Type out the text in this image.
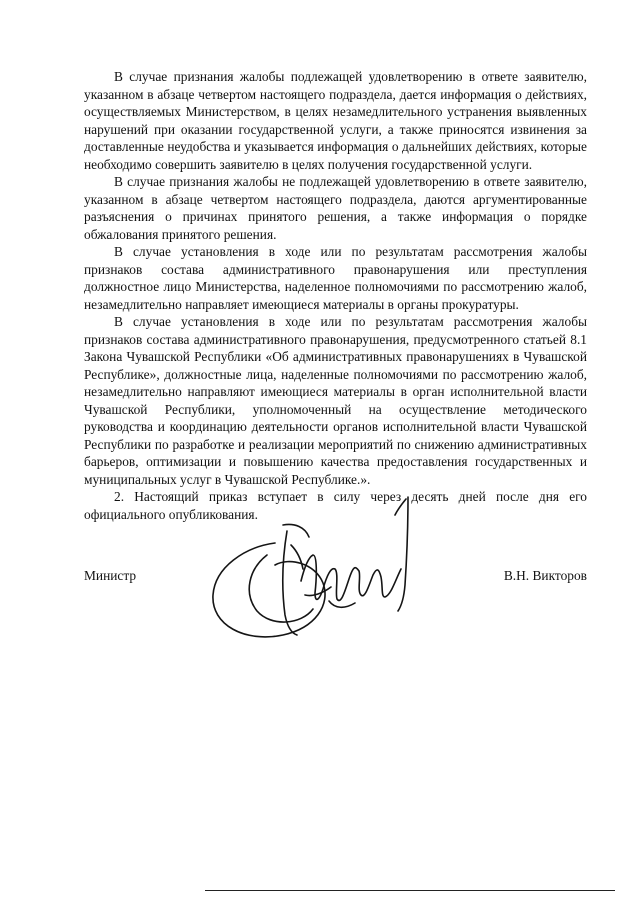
В случае признания жалобы подлежащей удовлетворению в ответе заявителю, указанном в абзаце четвертом настоящего подраздела, дается информация о действиях, осуществляемых Министерством, в целях незамедлительного устранения выявленных нарушений при оказании государственной услуги, а также приносятся извинения за доставленные неудобства и указывается информация о дальнейших действиях, которые необходимо совершить заявителю в целях получения государственной услуги.

В случае признания жалобы не подлежащей удовлетворению в ответе заявителю, указанном в абзаце четвертом настоящего подраздела, даются аргументированные разъяснения о причинах принятого решения, а также информация о порядке обжалования принятого решения.

В случае установления в ходе или по результатам рассмотрения жалобы признаков состава административного правонарушения или преступления должностное лицо Министерства, наделенное полномочиями по рассмотрению жалоб, незамедлительно направляет имеющиеся материалы в органы прокуратуры.

В случае установления в ходе или по результатам рассмотрения жалобы признаков состава административного правонарушения, предусмотренного статьей 8.1 Закона Чувашской Республики «Об административных правонарушениях в Чувашской Республике», должностные лица, наделенные полномочиями по рассмотрению жалоб, незамедлительно направляют имеющиеся материалы в орган исполнительной власти Чувашской Республики, уполномоченный на осуществление методического руководства и координацию деятельности органов исполнительной власти Чувашской Республики по разработке и реализации мероприятий по снижению административных барьеров, оптимизации и повышению качества предоставления государственных и муниципальных услуг в Чувашской Республике.».

2. Настоящий приказ вступает в силу через десять дней после дня его официального опубликования.

Министр	В.Н. Викторов
